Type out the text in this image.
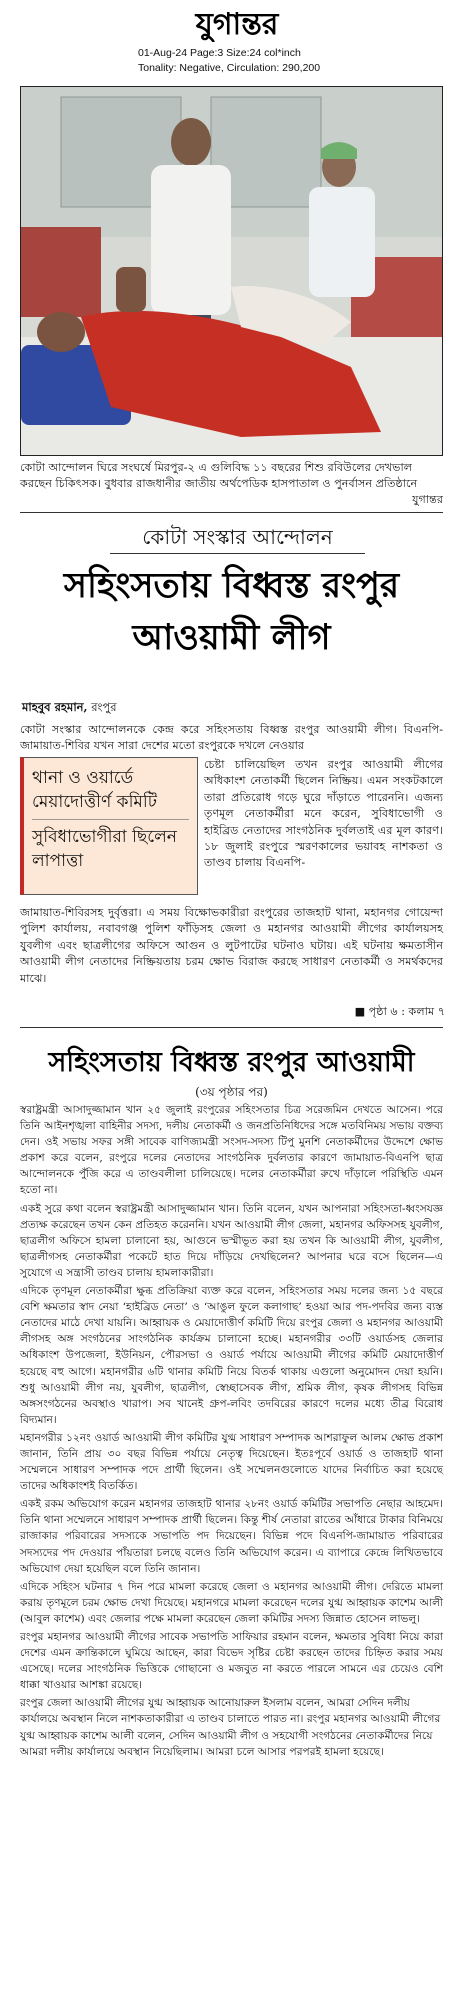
যুগান্তর
01-Aug-24 Page:3 Size:24 col*inch
Tonality: Negative, Circulation: 290,200
কোটা আন্দোলন ঘিরে সংঘর্ষে মিরপুর-২ এ গুলিবিদ্ধ ১১ বছরের শিশু রবিউলের দেখভাল করছেন চিকিৎসক। বুধবার রাজধানীর জাতীয় অর্থপেডিক হাসপাতাল ও পুনর্বাসন প্রতিষ্ঠানে
যুগান্তর
কোটা সংস্কার আন্দোলন
সহিংসতায় বিধ্বস্ত রংপুর
আওয়ামী লীগ
মাহবুব রহমান, রংপুর
কোটা সংস্কার আন্দোলনকে কেন্দ্র করে সহিংসতায় বিধ্বস্ত রংপুর আওয়ামী লীগ। বিএনপি-জামায়াত-শিবির যখন সারা দেশের মতো রংপুরকে দখলে নেওয়ার
থানা ও ওয়ার্ডে মেয়াদোত্তীর্ণ কমিটি
সুবিধাভোগীরা ছিলেন লাপাত্তা
চেষ্টা চালিয়েছিল তখন রংপুর আওয়ামী লীগের অধিকাংশ নেতাকর্মী ছিলেন নিষ্ক্রিয়। এমন সংকটকালে তারা প্রতিরোধ গড়ে ঘুরে দাঁড়াতে পারেননি। এজন্য তৃণমূল নেতাকর্মীরা মনে করেন, সুবিধাভোগী ও হাইব্রিড নেতাদের সাংগঠনিক দুর্বলতাই এর মূল কারণ। ১৮ জুলাই রংপুরে স্মরণকালের ভয়াবহ নাশকতা ও তাণ্ডব চালায় বিএনপি-
জামায়াত-শিবিরসহ দুর্বৃত্তরা। এ সময় বিক্ষোভকারীরা রংপুরের তাজহাট থানা, মহানগর গোয়েন্দা পুলিশ কার্যালয়, নবাবগঞ্জ পুলিশ ফাঁড়িসহ জেলা ও মহানগর আওয়ামী লীগের কার্যালয়সহ যুবলীগ এবং ছাত্রলীগের অফিসে আগুন ও লুটপাটের ঘটনাও ঘটায়। এই ঘটনায় ক্ষমতাসীন আওয়ামী লীগ নেতাদের নিষ্ক্রিয়তায় চরম ক্ষোভ বিরাজ করছে সাধারণ নেতাকর্মী ও সমর্থকদের মাঝে।
■ পৃষ্ঠা ৬ : কলাম ৭
সহিংসতায় বিধ্বস্ত রংপুর আওয়ামী
(৩য় পৃষ্ঠার পর)

স্বরাষ্ট্রমন্ত্রী আসাদুজ্জামান খান ২৫ জুলাই রংপুরের সহিংসতার চিত্র সরেজমিন দেখতে আসেন। পরে তিনি আইনশৃঙ্খলা বাহিনীর সদস্য, দলীয় নেতাকর্মী ও জনপ্রতিনিধিদের সঙ্গে মতবিনিময় সভায় বক্তব্য দেন। ওই সভায় সফর সঙ্গী সাবেক বাণিজ্যমন্ত্রী সংসদ-সদস্য টিপু মুনশি নেতাকর্মীদের উদ্দেশে ক্ষোভ প্রকাশ করে বলেন, রংপুরে দলের নেতাদের সাংগঠনিক দুর্বলতার কারণে জামায়াত-বিএনপি ছাত্র আন্দোলনকে পুঁজি করে এ তাণ্ডবলীলা চালিয়েছে। দলের নেতাকর্মীরা রুখে দাঁড়ালে পরিস্থিতি এমন হতো না।

একই সুরে কথা বলেন স্বরাষ্ট্রমন্ত্রী আসাদুজ্জামান খান। তিনি বলেন, যখন আপনারা সহিংসতা-ধ্বংসযজ্ঞ প্রত্যক্ষ করেছেন তখন কেন প্রতিহত করেননি। যখন আওয়ামী লীগ জেলা, মহানগর অফিসসহ যুবলীগ, ছাত্রলীগ অফিসে হামলা চালানো হয়, আগুনে ভস্মীভূত করা হয় তখন কি আওয়ামী লীগ, যুবলীগ, ছাত্রলীগসহ নেতাকর্মীরা পকেটে হাত দিয়ে দাঁড়িয়ে দেখছিলেন? আপনার ঘরে বসে ছিলেন—এ সুযোগে এ সন্ত্রাসী তাণ্ডব চালায় হামলাকারীরা।

এদিকে তৃণমূল নেতাকর্মীরা ক্ষুব্ধ প্রতিক্রিয়া ব্যক্ত করে বলেন, সহিংসতার সময় দলের জন্য ১৫ বছরে বেশি ক্ষমতার স্বাদ নেয়া ‘হাইব্রিড নেতা’ ও ‘আঙুল ফুলে কলাগাছ’ হওয়া আর পদ-পদবির জন্য ব্যস্ত নেতাদের মাঠে দেখা যায়নি। আহ্বায়ক ও মেয়াদোত্তীর্ণ কমিটি দিয়ে রংপুর জেলা ও মহানগর আওয়ামী লীগসহ অঙ্গ সংগঠনের সাংগঠনিক কার্যক্রম চালানো হচ্ছে। মহানগরীর ৩৩টি ওয়ার্ডসহ জেলার অধিকাংশ উপজেলা, ইউনিয়ন, পৌরসভা ও ওয়ার্ড পর্যায়ে আওয়ামী লীগের কমিটি মেয়াদোত্তীর্ণ হয়েছে বহু আগে। মহানগরীর ৬টি থানার কমিটি নিয়ে বিতর্ক থাকায় এগুলো অনুমোদন দেয়া হয়নি। শুধু আওয়ামী লীগ নয়, যুবলীগ, ছাত্রলীগ, স্বেচ্ছাসেবক লীগ, শ্রমিক লীগ, কৃষক লীগসহ বিভিন্ন অঙ্গসংগঠনের অবস্থাও খারাপ। সব খানেই গ্রুপ-লবিং তদবিরের কারণে দলের মধ্যে তীব্র বিরোধ বিদ্যমান।

মহানগরীর ১২নং ওয়ার্ড আওয়ামী লীগ কমিটির যুগ্ম সাধারণ সম্পাদক আশরাফুল আলম ক্ষোভ প্রকাশ জানান, তিনি প্রায় ৩০ বছর বিভিন্ন পর্যায়ে নেতৃত্ব দিয়েছেন। ইতঃপূর্বে ওয়ার্ড ও তাজহাট থানা সম্মেলনে সাধারণ সম্পাদক পদে প্রার্থী ছিলেন। ওই সম্মেলনগুলোতে যাদের নির্বাচিত করা হয়েছে তাদের অধিকাংশই বিতর্কিত।

একই রকম অভিযোগ করেন মহানগর তাজহাট থানার ২৮নং ওয়ার্ড কমিটির সভাপতি নেছার আহমেদ। তিনি থানা সম্মেলনে সাধারণ সম্পাদক প্রার্থী ছিলেন। কিন্তু শীর্ষ নেতারা রাতের আঁধারে টাকার বিনিময়ে রাজাকার পরিবারের সদস্যকে সভাপতি পদ দিয়েছেন। বিভিন্ন পদে বিএনপি-জামায়াত পরিবারের সদস্যদের পদ দেওয়ার পাঁয়তারা চলছে বলেও তিনি অভিযোগ করেন। এ ব্যাপারে কেন্দ্রে লিখিতভাবে অভিযোগ দেয়া হয়েছিল বলে তিনি জানান।

এদিকে সহিংস ঘটনার ৭ দিন পরে মামলা করেছে জেলা ও মহানগর আওয়ামী লীগ। দেরিতে মামলা করায় তৃণমূলে চরম ক্ষোভ দেখা দিয়েছে। মহানগরে মামলা করেছেন দলের যুগ্ম আহ্বায়ক কাশেম আলী (আবুল কাশেম) এবং জেলার পক্ষে মামলা করেছেন জেলা কমিটির সদস্য জিন্নাত হোসেন লাভলু।

রংপুর মহানগর আওয়ামী লীগের সাবেক সভাপতি সাফিয়ার রহমান বলেন, ক্ষমতার সুবিধা নিয়ে কারা দেশের এমন ক্রান্তিকালে ঘুমিয়ে আছেন, কারা বিভেদ সৃষ্টির চেষ্টা করছেন তাদের চিহ্নিত করার সময় এসেছে। দলের সাংগঠনিক ভিত্তিকে গোছানো ও মজবুত না করতে পারলে সামনে এর চেয়েও বেশি ধাক্কা খাওয়ার আশঙ্কা রয়েছে।

রংপুর জেলা আওয়ামী লীগের যুগ্ম আহ্বায়ক আনোয়ারুল ইসলাম বলেন, আমরা সেদিন দলীয় কার্যালয়ে অবস্থান নিলে নাশকতাকারীরা এ তাণ্ডব চালাতে পারত না। রংপুর মহানগর আওয়ামী লীগের যুগ্ম আহ্বায়ক কাশেম আলী বলেন, সেদিন আওয়ামী লীগ ও সহযোগী সংগঠনের নেতাকর্মীদের নিয়ে আমরা দলীয় কার্যালয়ে অবস্থান নিয়েছিলাম। আমরা চলে আসার পরপরই হামলা হয়েছে।
